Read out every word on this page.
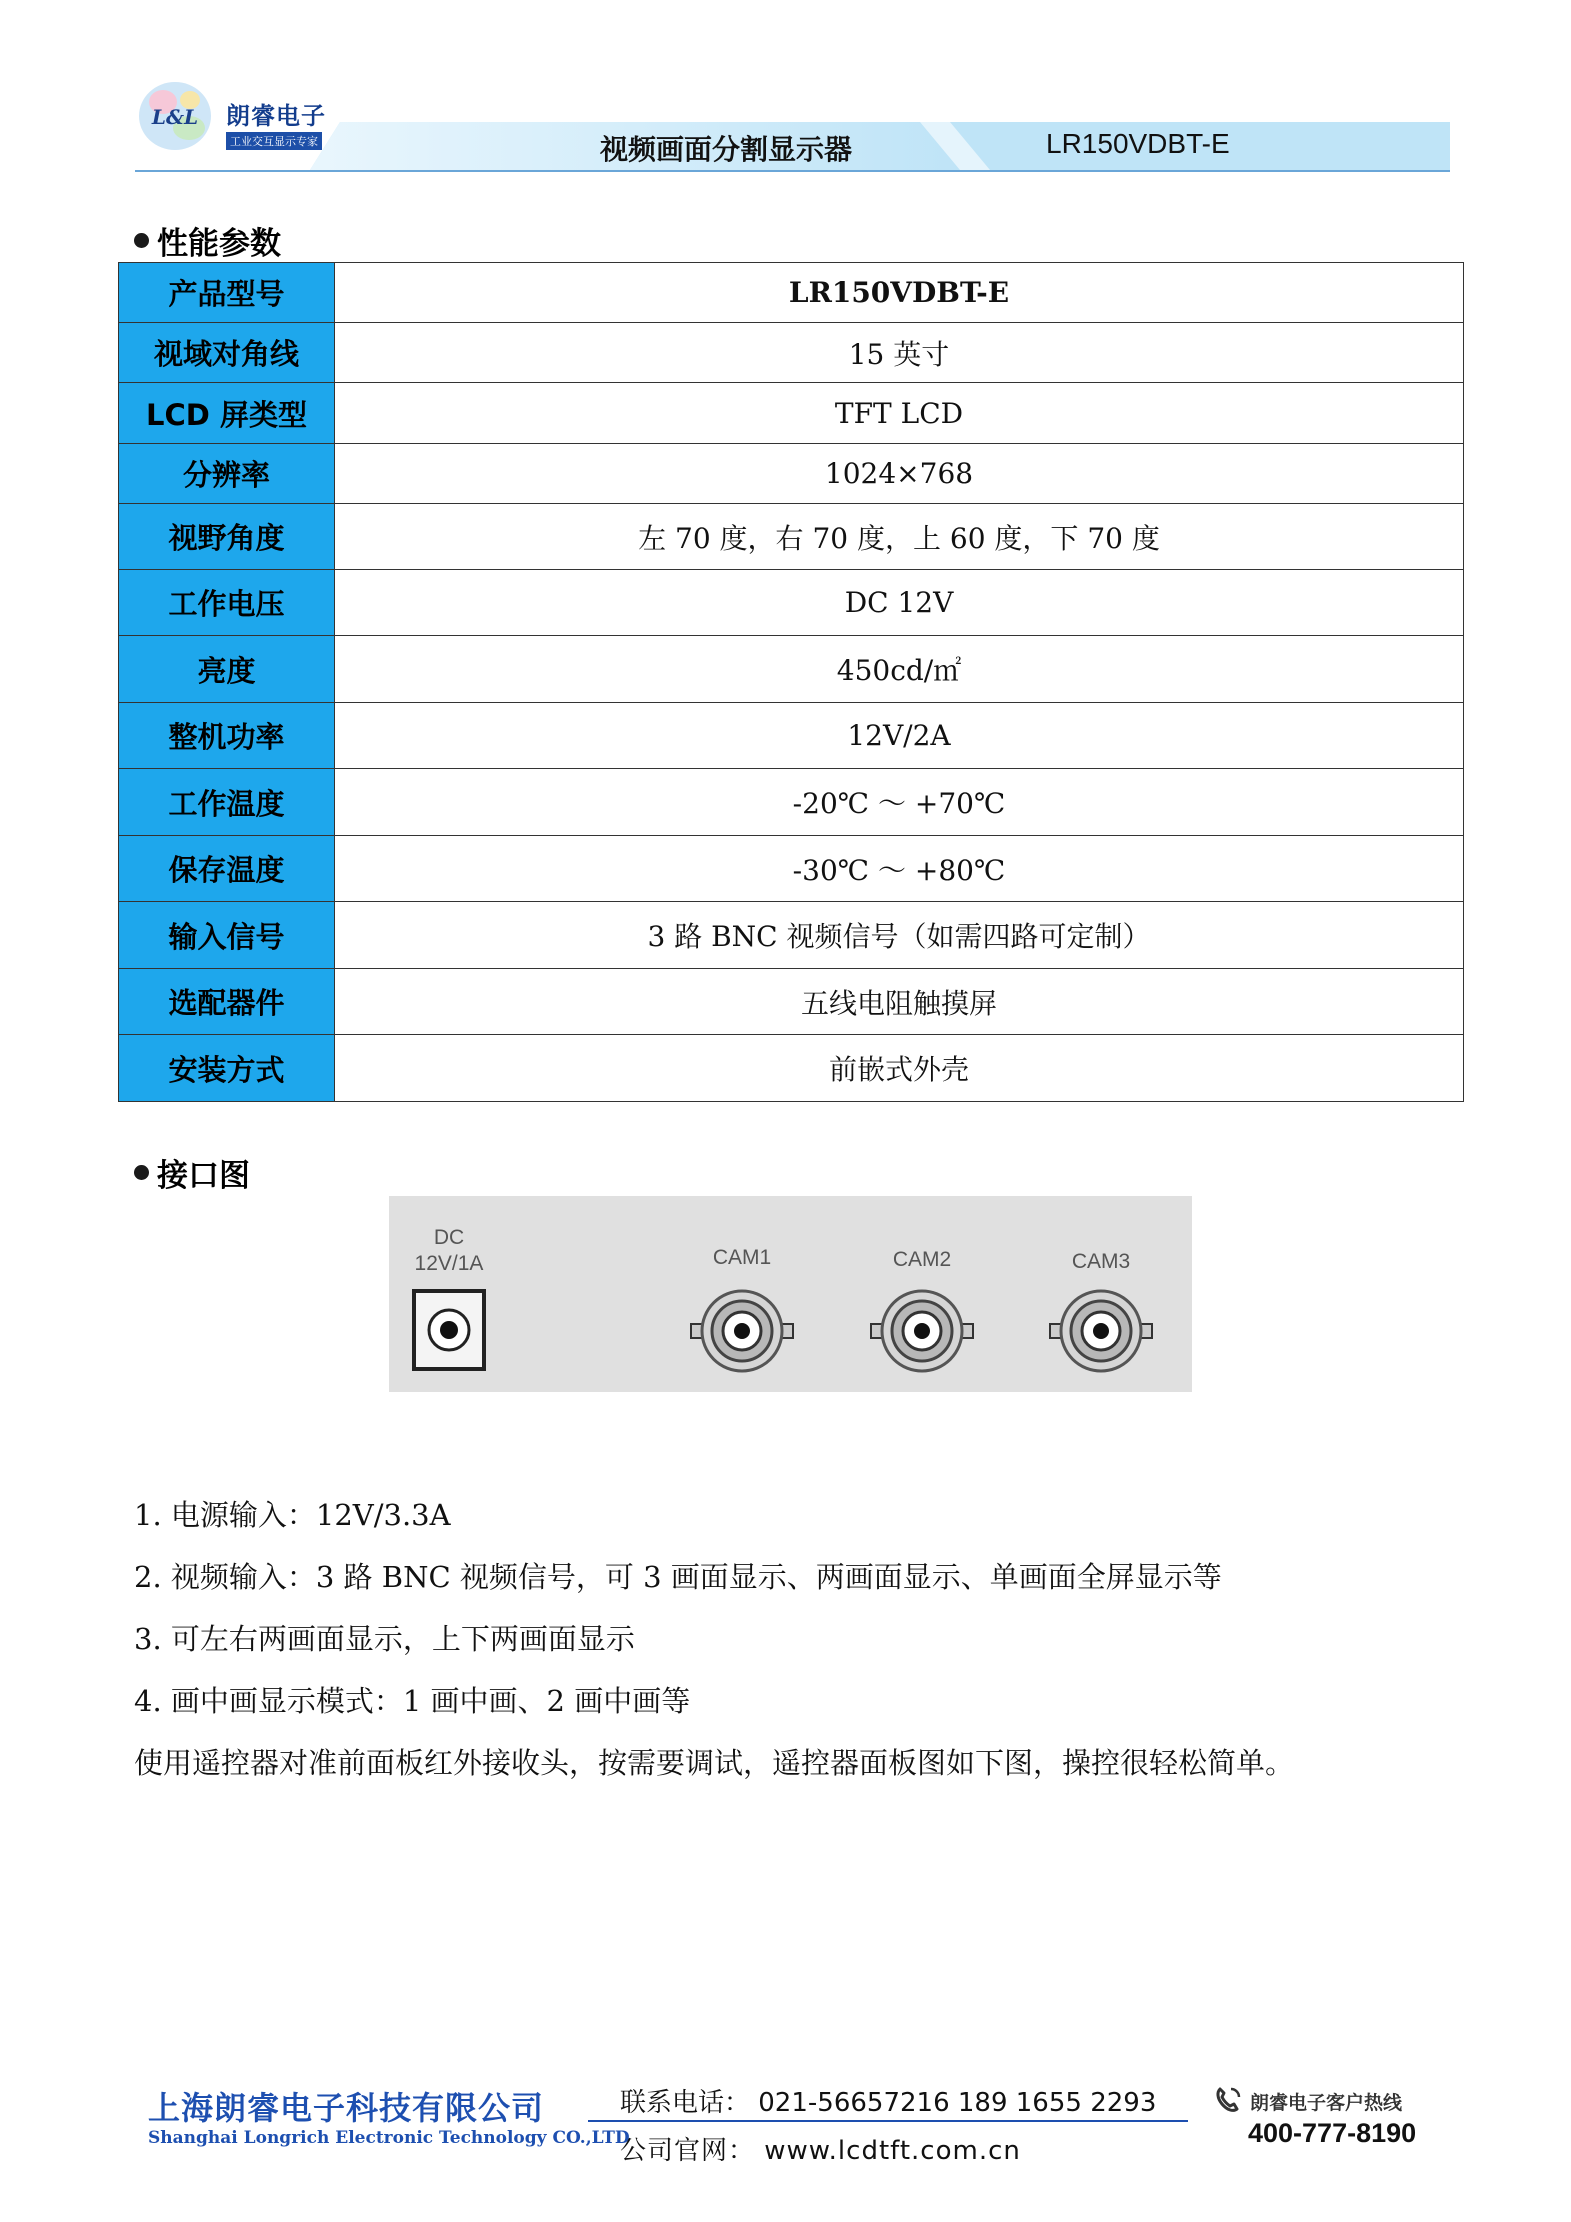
L&L 朗睿电子
工业交互显示专家	视频画面分割显示器	LR150VDBT-E
性能参数
产品型号	LR150VDBT-E
视域对角线	15 英寸
LCD 屏类型	TFT LCD
分辨率	1024×768
视野角度	左 70 度，右 70 度，上 60 度，下 70 度
工作电压	DC 12V
亮度	450cd/㎡
整机功率	12V/2A
工作温度	-20℃ ～ +70℃
保存温度	-30℃ ～ +80℃
输入信号	3 路 BNC 视频信号（如需四路可定制）
选配器件	五线电阻触摸屏
安装方式	前嵌式外壳
接口图
DC
12V/1A	CAM1	CAM2	CAM3
1. 电源输入：12V/3.3A
2. 视频输入：3 路 BNC 视频信号，可 3 画面显示、两画面显示、单画面全屏显示等
3. 可左右两画面显示，上下两画面显示
4. 画中画显示模式：1 画中画、2 画中画等
使用遥控器对准前面板红外接收头，按需要调试，遥控器面板图如下图，操控很轻松简单。
上海朗睿电子科技有限公司
Shanghai Longrich Electronic Technology CO.,LTD
联系电话： 021-56657216 189 1655 2293
公司官网： www.lcdtft.com.cn
朗睿电子客户热线
400-777-8190
